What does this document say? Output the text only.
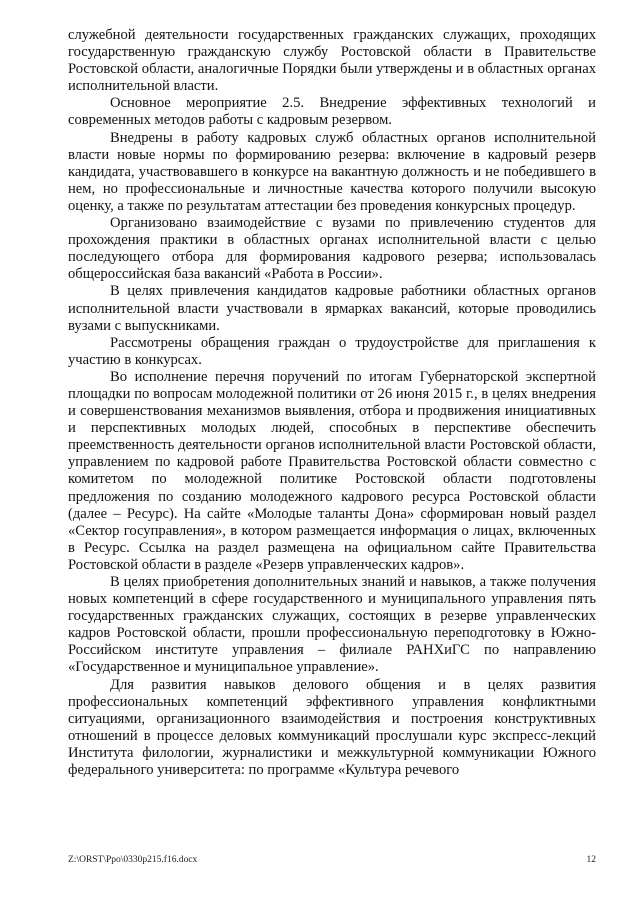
служебной деятельности государственных гражданских служащих, проходящих государственную гражданскую службу Ростовской области в Правительстве Ростовской области, аналогичные Порядки были утверждены и в областных органах исполнительной власти.

Основное мероприятие 2.5. Внедрение эффективных технологий и современных методов работы с кадровым резервом.

Внедрены в работу кадровых служб областных органов исполнительной власти новые нормы по формированию резерва: включение в кадровый резерв кандидата, участвовавшего в конкурсе на вакантную должность и не победившего в нем, но профессиональные и личностные качества которого получили высокую оценку, а также по результатам аттестации без проведения конкурсных процедур.

Организовано взаимодействие с вузами по привлечению студентов для прохождения практики в областных органах исполнительной власти с целью последующего отбора для формирования кадрового резерва; использовалась общероссийская база вакансий «Работа в России».

В целях привлечения кандидатов кадровые работники областных органов исполнительной власти участвовали в ярмарках вакансий, которые проводились вузами с выпускниками.

Рассмотрены обращения граждан о трудоустройстве для приглашения к участию в конкурсах.

Во исполнение перечня поручений по итогам Губернаторской экспертной площадки по вопросам молодежной политики от 26 июня 2015 г., в целях внедрения и совершенствования механизмов выявления, отбора и продвижения инициативных и перспективных молодых людей, способных в перспективе обеспечить преемственность деятельности органов исполнительной власти Ростовской области, управлением по кадровой работе Правительства Ростовской области совместно с комитетом по молодежной политике Ростовской области подготовлены предложения по созданию молодежного кадрового ресурса Ростовской области (далее – Ресурс). На сайте «Молодые таланты Дона» сформирован новый раздел «Сектор госуправления», в котором размещается информация о лицах, включенных в Ресурс. Ссылка на раздел размещена на официальном сайте Правительства Ростовской области в разделе «Резерв управленческих кадров».

В целях приобретения дополнительных знаний и навыков, а также получения новых компетенций в сфере государственного и муниципального управления пять государственных гражданских служащих, состоящих в резерве управленческих кадров Ростовской области, прошли профессиональную переподготовку в Южно-Российском институте управления – филиале РАНХиГС по направлению «Государственное и муниципальное управление».

Для развития навыков делового общения и в целях развития профессиональных компетенций эффективного управления конфликтными ситуациями, организационного взаимодействия и построения конструктивных отношений в процессе деловых коммуникаций прослушали курс экспресс-лекций Института филологии, журналистики и межкультурной коммуникации Южного федерального университета: по программе «Культура речевого

Z:\ORST\Ppo\0330p215.f16.docx	12
